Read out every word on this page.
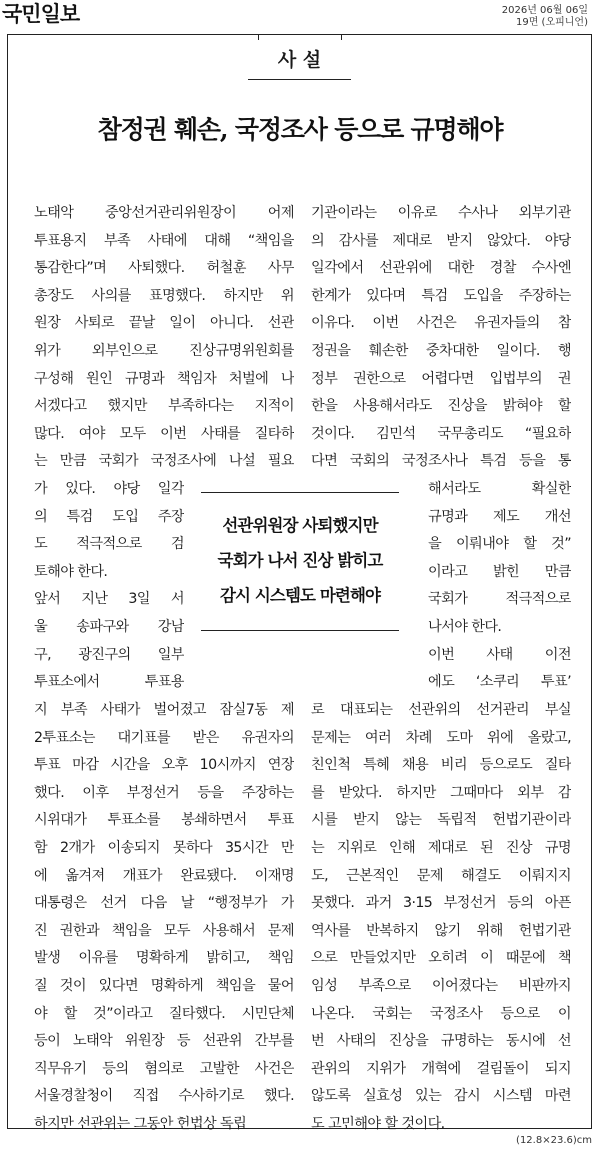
국민일보	2026년 06월 06일
19면 (오피니언)
사 설
참정권 훼손, 국정조사 등으로 규명해야
노태악 중앙선거관리위원장이 어제
투표용지 부족 사태에 대해 “책임을
통감한다”며 사퇴했다. 허철훈 사무
총장도 사의를 표명했다. 하지만 위
원장 사퇴로 끝날 일이 아니다. 선관
위가 외부인으로 진상규명위원회를
구성해 원인 규명과 책임자 처벌에 나
서겠다고 했지만 부족하다는 지적이
많다. 여야 모두 이번 사태를 질타하
는 만큼 국회가 국정조사에 나설 필요
가 있다. 야당 일각
의 특검 도입 주장
도 적극적으로 검
토해야 한다.
앞서 지난 3일 서
울 송파구와 강남
구, 광진구의 일부
투표소에서 투표용
지 부족 사태가 벌어졌고 잠실7동 제
2투표소는 대기표를 받은 유권자의
투표 마감 시간을 오후 10시까지 연장
했다. 이후 부정선거 등을 주장하는
시위대가 투표소를 봉쇄하면서 투표
함 2개가 이송되지 못하다 35시간 만
에 옮겨져 개표가 완료됐다. 이재명
대통령은 선거 다음 날 “행정부가 가
진 권한과 책임을 모두 사용해서 문제
발생 이유를 명확하게 밝히고, 책임
질 것이 있다면 명확하게 책임을 물어
야 할 것”이라고 질타했다. 시민단체
등이 노태악 위원장 등 선관위 간부를
직무유기 등의 혐의로 고발한 사건은
서울경찰청이 직접 수사하기로 했다.
하지만 선관위는 그동안 헌법상 독립
기관이라는 이유로 수사나 외부기관
의 감사를 제대로 받지 않았다. 야당
일각에서 선관위에 대한 경찰 수사엔
한계가 있다며 특검 도입을 주장하는
이유다. 이번 사건은 유권자들의 참
정권을 훼손한 중차대한 일이다. 행
정부 권한으로 어렵다면 입법부의 권
한을 사용해서라도 진상을 밝혀야 할
것이다. 김민석 국무총리도 “필요하
다면 국회의 국정조사나 특검 등을 통
해서라도 확실한
규명과 제도 개선
을 이뤄내야 할 것”
이라고 밝힌 만큼
국회가 적극적으로
나서야 한다.
이번 사태 이전
에도 ‘소쿠리 투표’
로 대표되는 선관위의 선거관리 부실
문제는 여러 차례 도마 위에 올랐고,
친인척 특혜 채용 비리 등으로도 질타
를 받았다. 하지만 그때마다 외부 감
시를 받지 않는 독립적 헌법기관이라
는 지위로 인해 제대로 된 진상 규명
도, 근본적인 문제 해결도 이뤄지지
못했다. 과거 3·15 부정선거 등의 아픈
역사를 반복하지 않기 위해 헌법기관
으로 만들었지만 오히려 이 때문에 책
임성 부족으로 이어졌다는 비판까지
나온다. 국회는 국정조사 등으로 이
번 사태의 진상을 규명하는 동시에 선
관위의 지위가 개혁에 걸림돌이 되지
않도록 실효성 있는 감시 시스템 마련
도 고민해야 할 것이다.
선관위원장 사퇴했지만
국회가 나서 진상 밝히고
감시 시스템도 마련해야
(12.8×23.6)cm
